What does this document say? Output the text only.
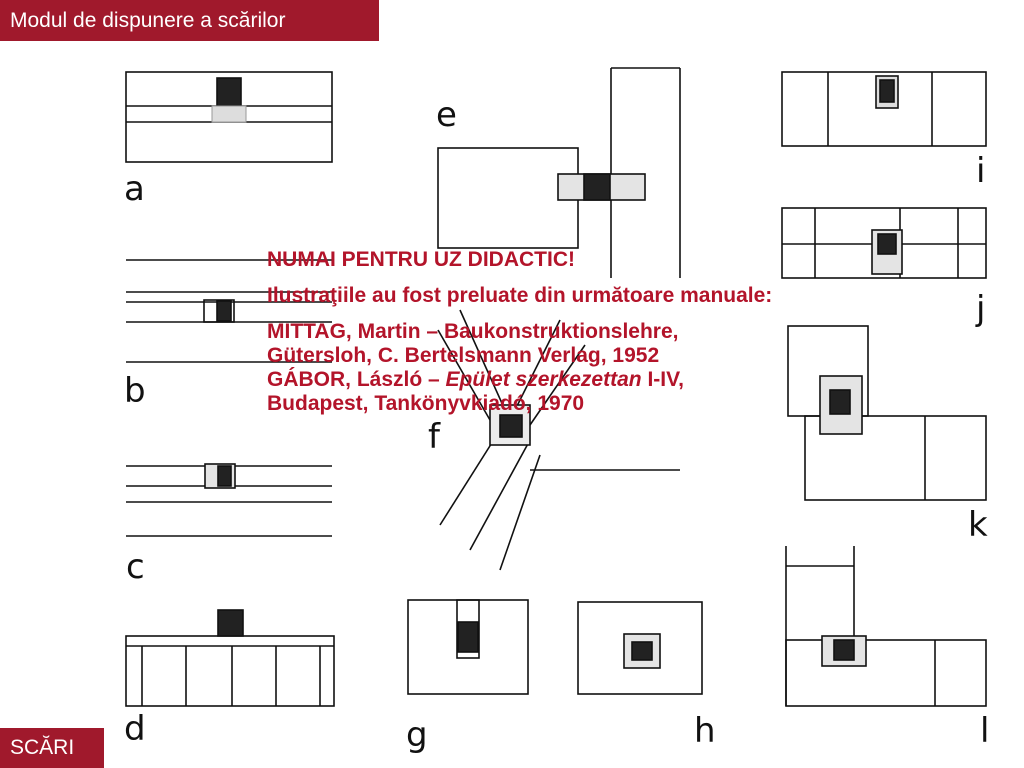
Modul de dispunere a scărilor
a
b
c
d
e
f
g	h
i
j
k
l

NUMAI PENTRU UZ DIDACTIC!

Ilustraţiile au fost preluate din următoare manuale:

MITTAG, Martin – Baukonstruktionslehre,
Gütersloh, C. Bertelsmann Verlag, 1952
GÁBOR, László – Epület szerkezettan I-IV,
Budapest, Tankönyvkiadó, 1970

SCĂRI
